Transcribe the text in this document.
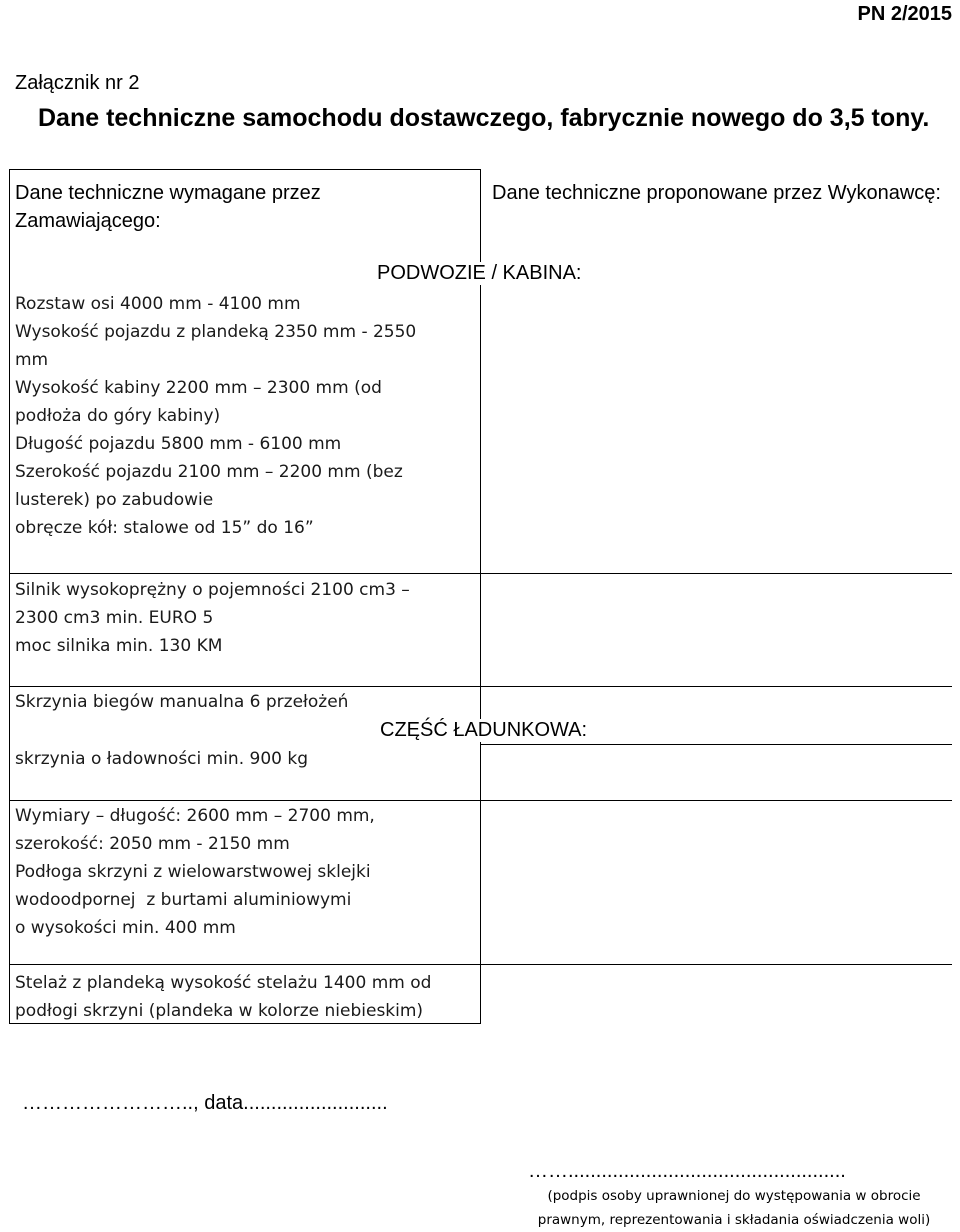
PN 2/2015
Załącznik nr 2
Dane techniczne samochodu dostawczego, fabrycznie nowego do 3,5 tony.
Dane techniczne wymagane przez Zamawiającego:
Dane techniczne proponowane przez Wykonawcę:
PODWOZIE / KABINA:
Rozstaw osi 4000 mm - 4100 mm
Wysokość pojazdu z plandeką 2350 mm - 2550
mm
Wysokość kabiny 2200 mm – 2300 mm (od
podłoża do góry kabiny)
Długość pojazdu 5800 mm - 6100 mm
Szerokość pojazdu 2100 mm – 2200 mm (bez
lusterek) po zabudowie
obręcze kół: stalowe od 15” do 16”
Silnik wysokoprężny o pojemności 2100 cm3 –
2300 cm3 min. EURO 5
moc silnika min. 130 KM
Skrzynia biegów manualna 6 przełożeń
CZĘŚĆ ŁADUNKOWA:
skrzynia o ładowności min. 900 kg
Wymiary – długość: 2600 mm – 2700 mm,
szerokość: 2050 mm - 2150 mm
Podłoga skrzyni z wielowarstwowej sklejki
wodoodpornej  z burtami aluminiowymi
o wysokości min. 400 mm
Stelaż z plandeką wysokość stelażu 1400 mm od
podłogi skrzyni (plandeka w kolorze niebieskim)
…………………….., data..........................
……..................................................
(podpis osoby uprawnionej do występowania w obrocie
prawnym, reprezentowania i składania oświadczenia woli)
